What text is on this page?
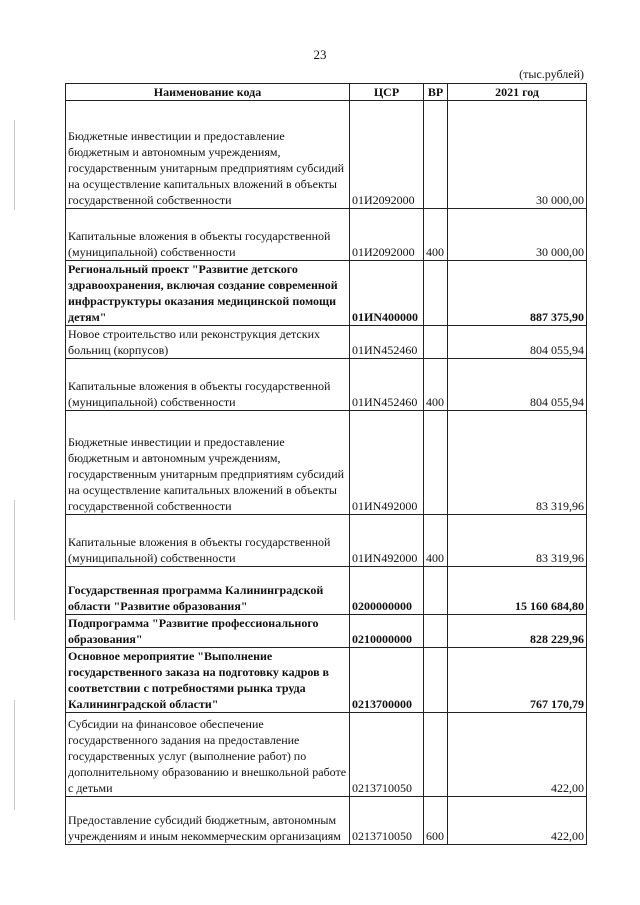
23
(тыс.рублей)
Наименование кода	ЦСР	ВР	2021 год
Бюджетные инвестиции и предоставление бюджетным и автономным учреждениям, государственным унитарным предприятиям субсидий на осуществление капитальных вложений в объекты государственной собственности	01И2092000		30 000,00
Капитальные вложения в объекты государственной (муниципальной) собственности	01И2092000	400	30 000,00
Региональный проект "Развитие детского здравоохранения, включая создание современной инфраструктуры оказания медицинской помощи детям"	01ИN400000		887 375,90
Новое строительство или реконструкция детских больниц (корпусов)	01ИN452460		804 055,94
Капитальные вложения в объекты государственной (муниципальной) собственности	01ИN452460	400	804 055,94
Бюджетные инвестиции и предоставление бюджетным и автономным учреждениям, государственным унитарным предприятиям субсидий на осуществление капитальных вложений в объекты государственной собственности	01ИN492000		83 319,96
Капитальные вложения в объекты государственной (муниципальной) собственности	01ИN492000	400	83 319,96
Государственная программа Калининградской области "Развитие образования"	0200000000		15 160 684,80
Подпрограмма "Развитие профессионального образования"	0210000000		828 229,96
Основное мероприятие "Выполнение государственного заказа на подготовку кадров в соответствии с потребностями рынка труда Калининградской области"	0213700000		767 170,79
Субсидии на финансовое обеспечение государственного задания на предоставление государственных услуг (выполнение работ) по дополнительному образованию и внешкольной работе с детьми	0213710050		422,00
Предоставление субсидий бюджетным, автономным учреждениям и иным некоммерческим организациям	0213710050	600	422,00
